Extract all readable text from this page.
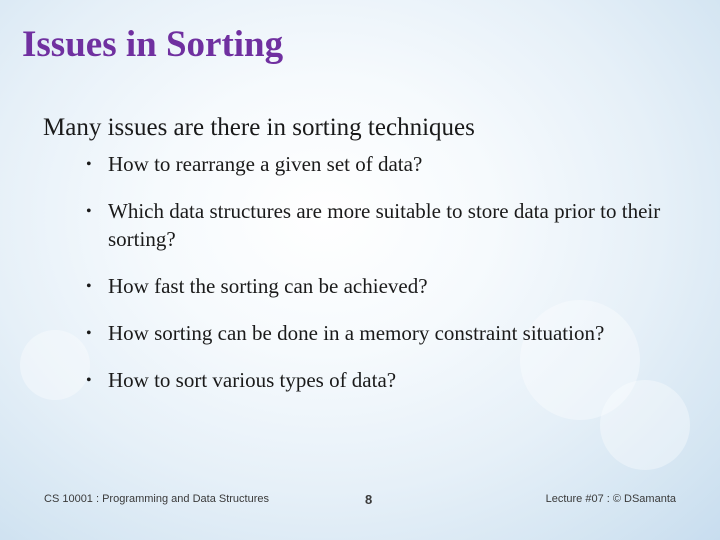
Issues in Sorting

Many issues are there in sorting techniques

• How to rearrange a given set of data?
• Which data structures are more suitable to store data prior to their sorting?
• How fast the sorting can be achieved?
• How sorting can be done in a memory constraint situation?
• How to sort various types of data?
CS 10001 : Programming and Data Structures	8	Lecture #07 : © DSamanta
